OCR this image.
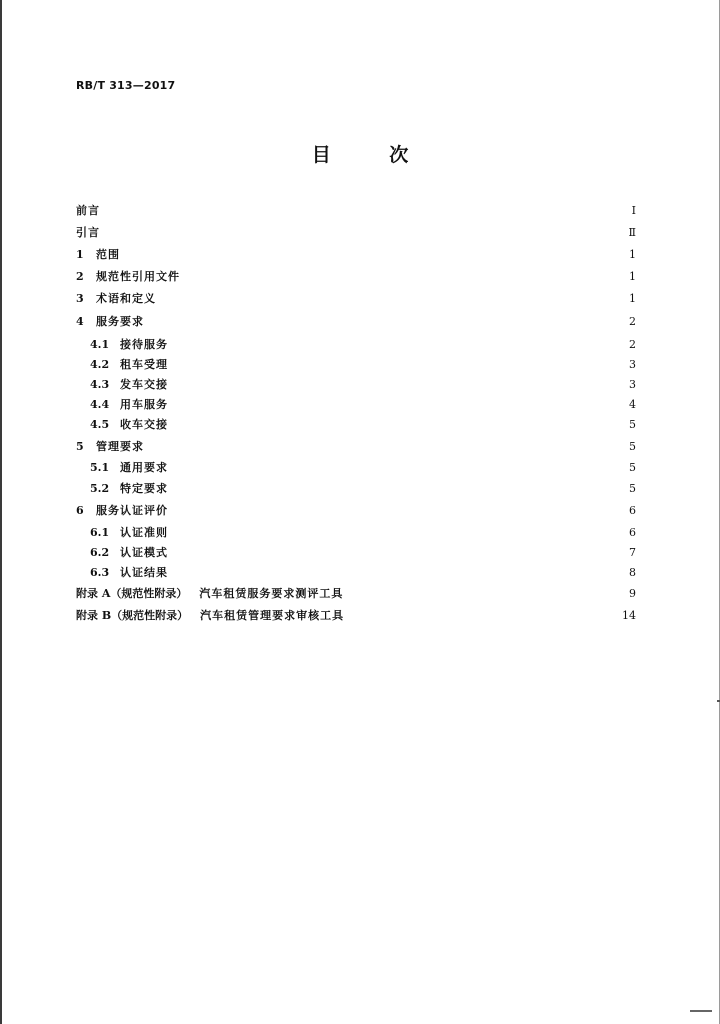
RB/T 313—2017
目 次
前言	Ⅰ
引言	Ⅱ
1	范围	1
2	规范性引用文件	1
3	术语和定义	1
4	服务要求	2
4.1 接待服务	2
4.2 租车受理	3
4.3 发车交接	3
4.4 用车服务	4
4.5 收车交接	5
5	管理要求	5
5.1 通用要求	5
5.2 特定要求	5
6	服务认证评价	6
6.1 认证准则	6
6.2 认证模式	7
6.3 认证结果	8
附录 A（规范性附录） 汽车租赁服务要求测评工具	9
附录 B（规范性附录） 汽车租赁管理要求审核工具	14
